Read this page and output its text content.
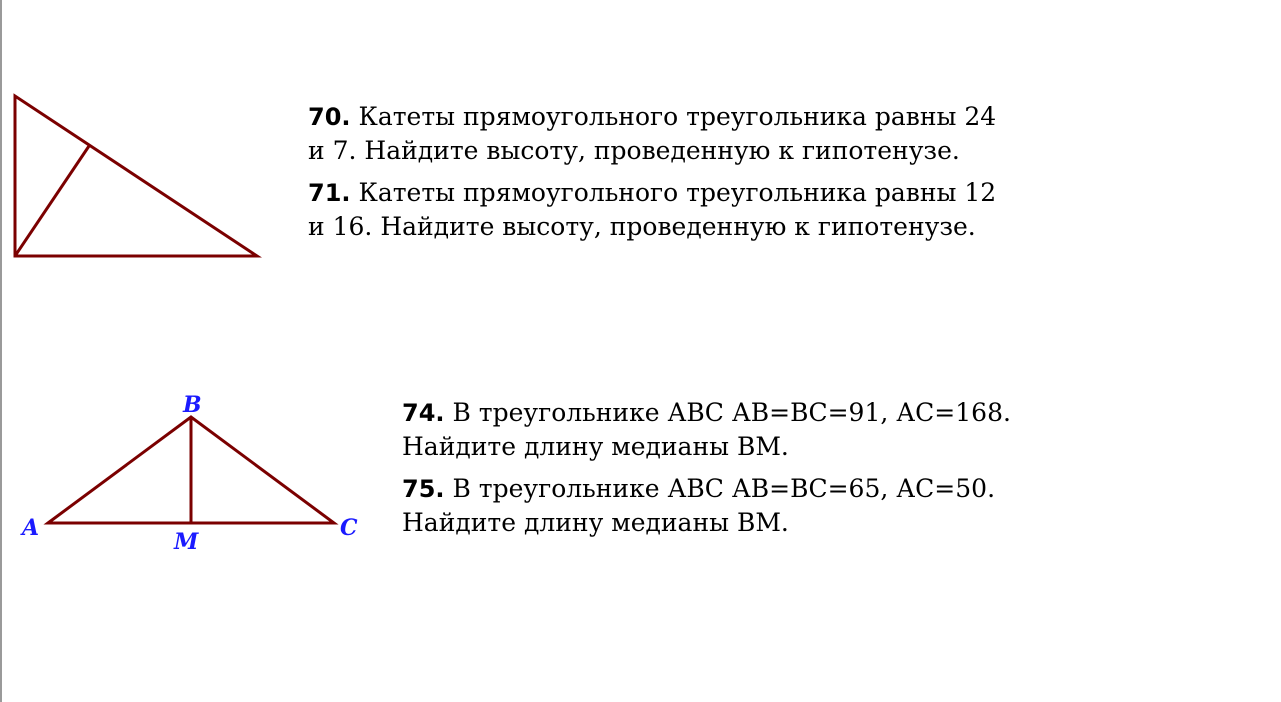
B
A	C
M
70. Катеты прямоугольного треугольника равны 24
и 7. Найдите высоту, проведенную к гипотенузе.
71. Катеты прямоугольного треугольника равны 12
и 16. Найдите высоту, проведенную к гипотенузе.
74. В треугольнике АВС АВ=ВС=91, АС=168.
Найдите длину медианы ВМ.
75. В треугольнике АВС АВ=ВС=65, АС=50.
Найдите длину медианы ВМ.
